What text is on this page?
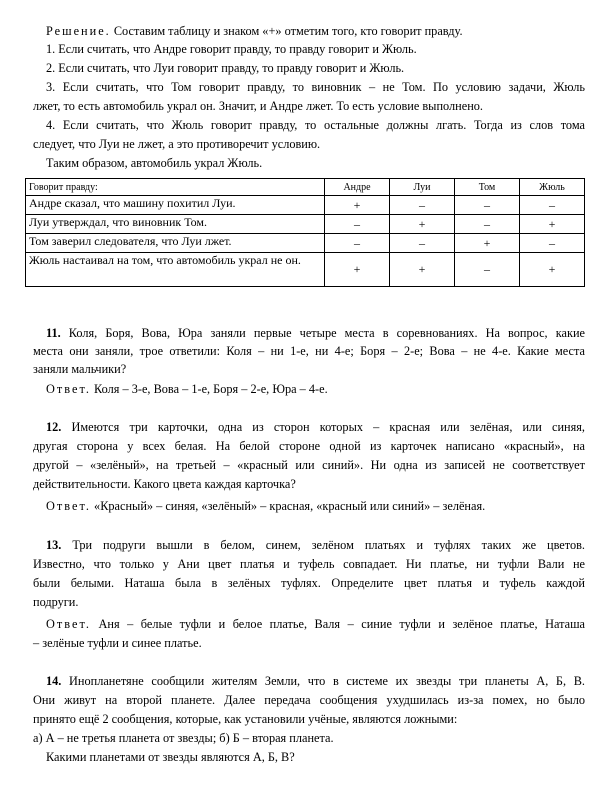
Решение. Составим таблицу и знаком «+» отметим того, кто говорит правду.
1. Если считать, что Андре говорит правду, то правду говорит и Жюль.
2. Если считать, что Луи говорит правду, то правду говорит и Жюль.
3. Если считать, что Том говорит правду, то виновник – не Том. По условию задачи, Жюль
лжет, то есть автомобиль украл он. Значит, и Андре лжет. То есть условие выполнено.
4. Если считать, что Жюль говорит правду, то остальные должны лгать. Тогда из слов тома
следует, что Луи не лжет, а это противоречит условию.
Таким образом, автомобиль украл Жюль.
Говорит правду:	Андре	Луи	Том	Жюль
Андре сказал, что машину похитил Луи.	+	–	–	–
Луи утверждал, что виновник Том.	–	+	–	+
Том заверил следователя, что Луи лжет.	–	–	+	–
Жюль настаивал на том, что автомобиль украл не он.	+	+	–	+
11. Коля, Боря, Вова, Юра заняли первые четыре места в соревнованиях. На вопрос, какие
места они заняли, трое ответили: Коля – ни 1-е, ни 4-е; Боря – 2-е; Вова – не 4-е. Какие места
заняли мальчики?
Ответ. Коля – 3-е, Вова – 1-е, Боря – 2-е, Юра – 4-е.
12. Имеются три карточки, одна из сторон которых – красная или зелёная, или синяя,
другая сторона у всех белая. На белой стороне одной из карточек написано «красный», на
другой – «зелёный», на третьей – «красный или синий». Ни одна из записей не соответствует
действительности. Какого цвета каждая карточка?
Ответ. «Красный» – синяя, «зелёный» – красная, «красный или синий» – зелёная.
13. Три подруги вышли в белом, синем, зелёном платьях и туфлях таких же цветов.
Известно, что только у Ани цвет платья и туфель совпадает. Ни платье, ни туфли Вали не
были белыми. Наташа была в зелёных туфлях. Определите цвет платья и туфель каждой
подруги.
Ответ. Аня – белые туфли и белое платье, Валя – синие туфли и зелёное платье, Наташа
– зелёные туфли и синее платье.
14. Инопланетяне сообщили жителям Земли, что в системе их звезды три планеты А, Б, В.
Они живут на второй планете. Далее передача сообщения ухудшилась из-за помех, но было
принято ещё 2 сообщения, которые, как установили учёные, являются ложными:
а) А – не третья планета от звезды; б) Б – вторая планета.
Какими планетами от звезды являются А, Б, В?
